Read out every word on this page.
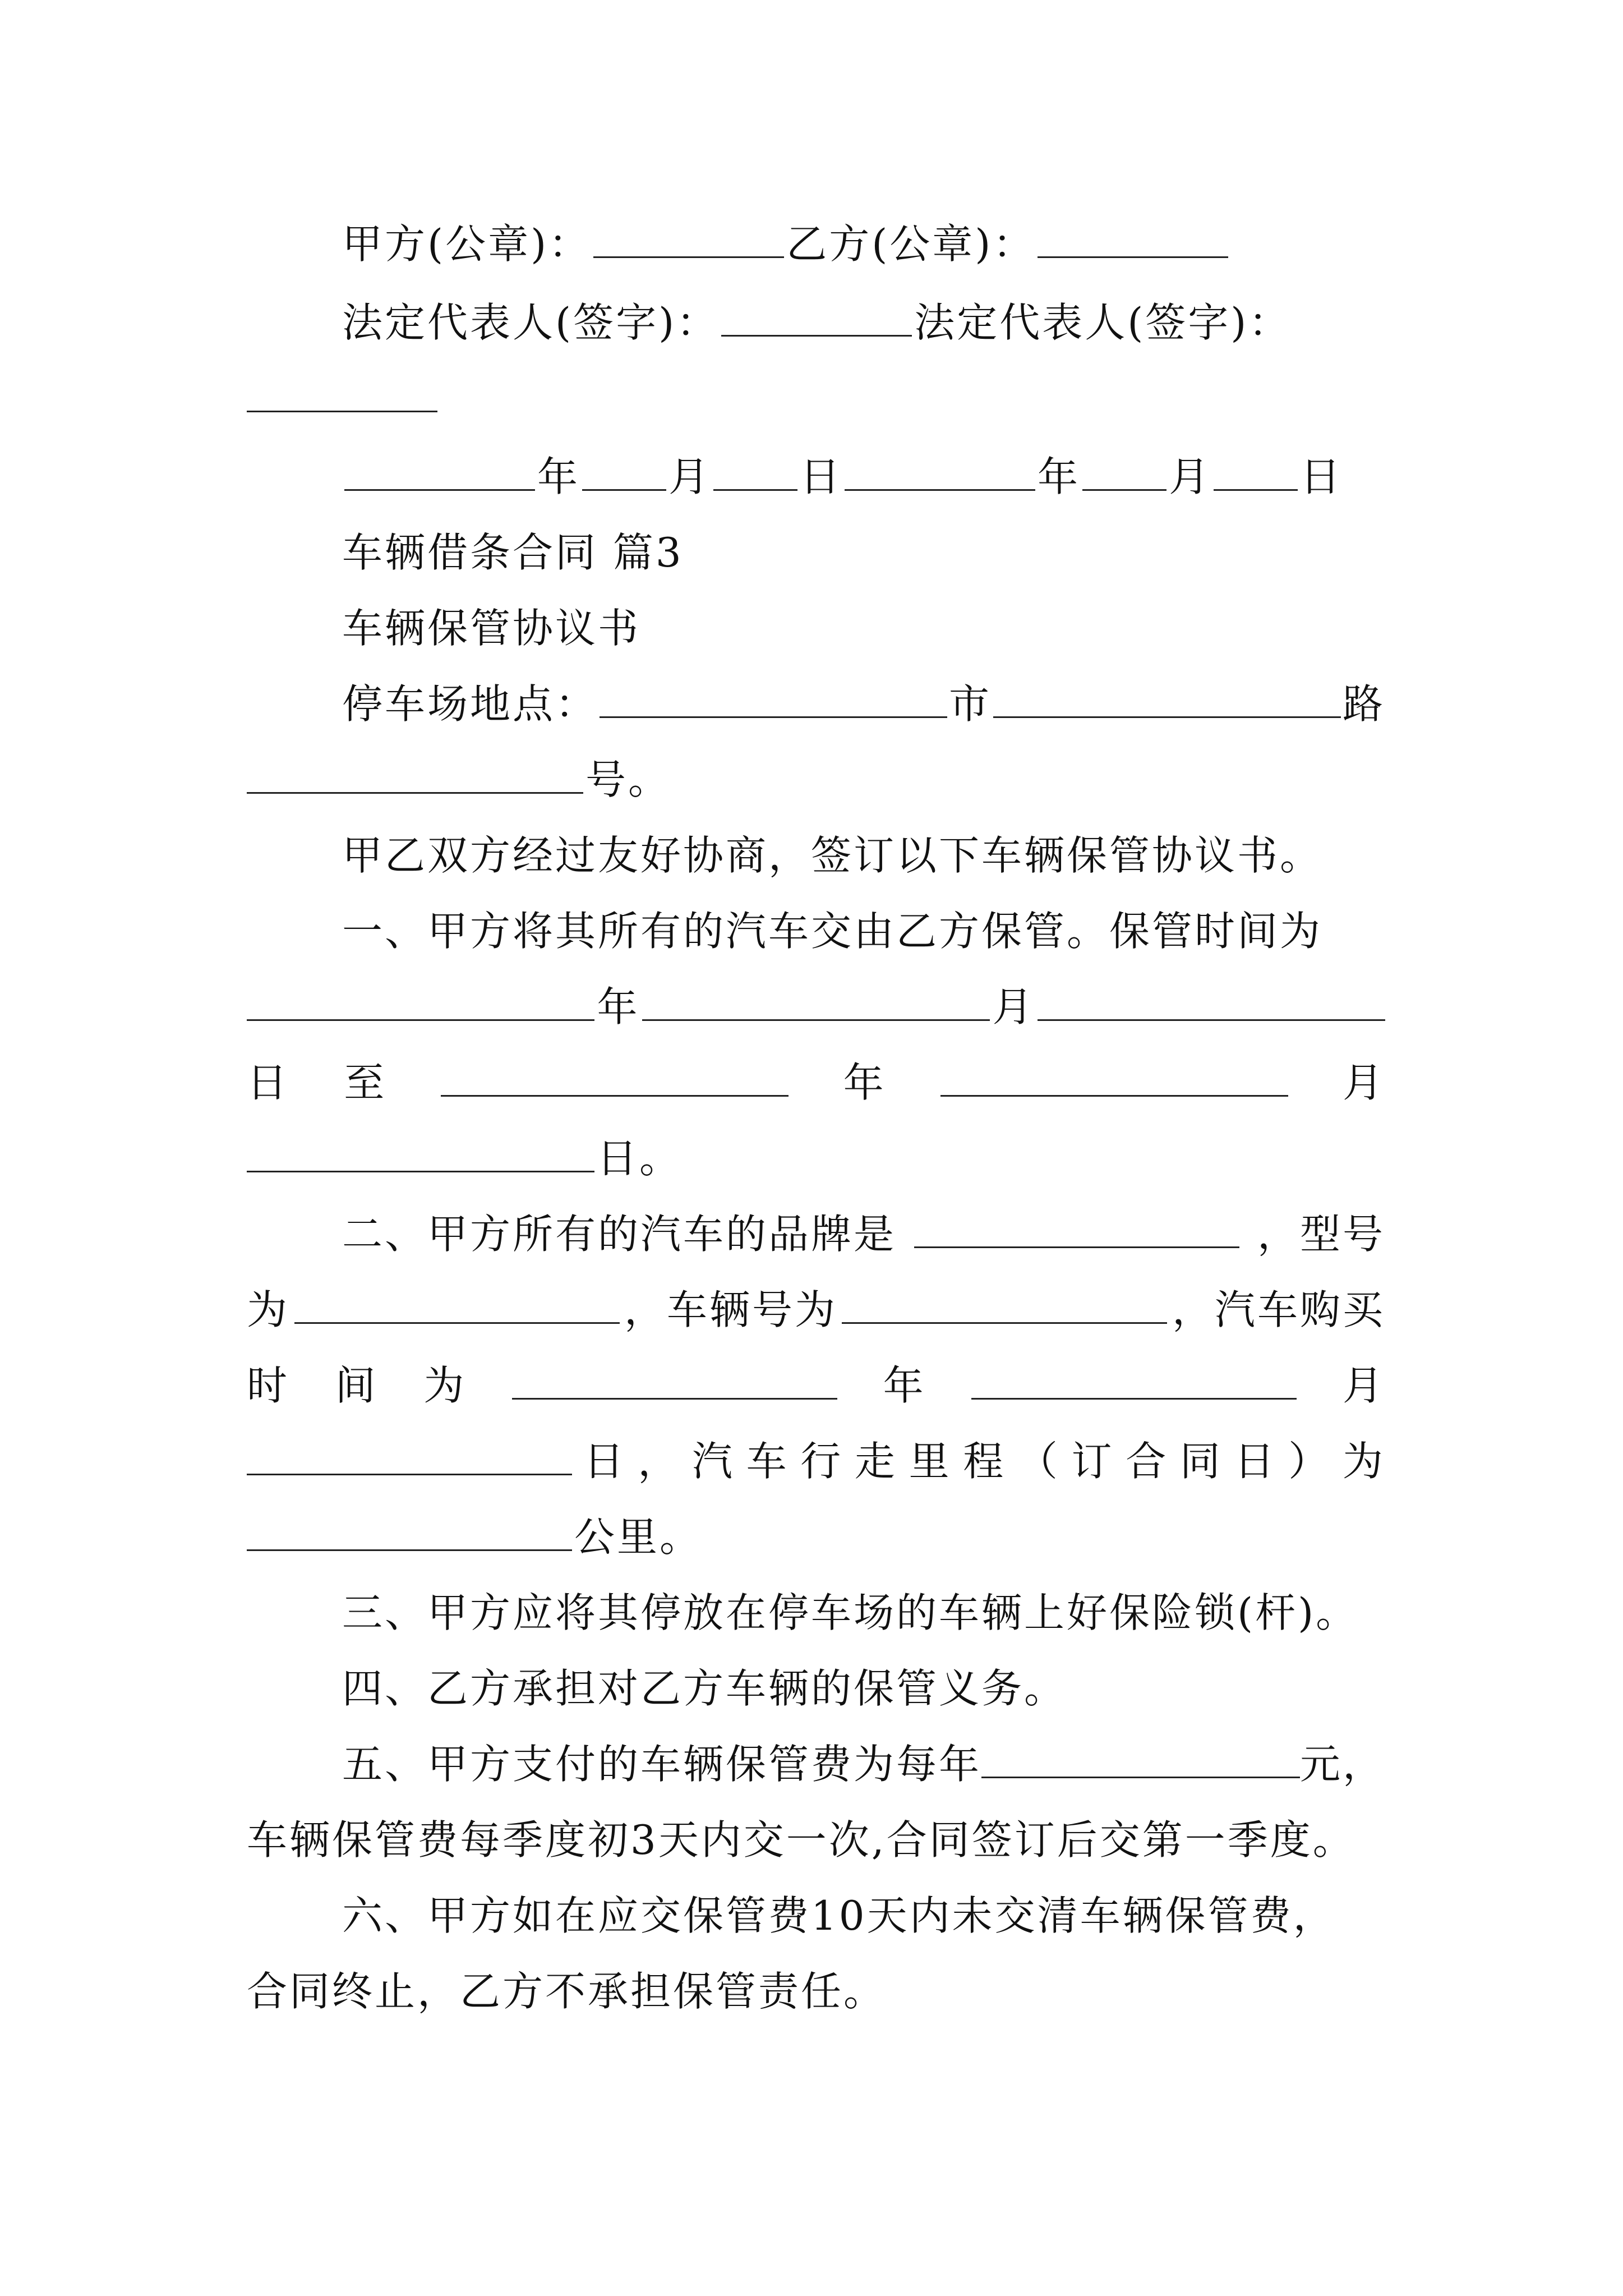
甲方(公章)：	乙方(公章)：
法定代表人(签字)：	法定代表人(签字)：
年 月 日	年 月 日
车辆借条合同 篇3
车辆保管协议书
停车场地点：	市	路
号。
甲乙双方经过友好协商，签订以下车辆保管协议书。
一、甲方将其所有的汽车交由乙方保管。保管时间为
年	月
日 至	年	月
日。
二、甲方所有的汽车的品牌是	，型号
为	，车辆号为	，汽车购买
时 间 为	年	月
日 ， 汽 车 行 走 里 程 （ 订 合 同 日 ） 为
公里。
三、甲方应将其停放在停车场的车辆上好保险锁(杆)。
四、乙方承担对乙方车辆的保管义务。
五、甲方支付的车辆保管费为每年	元，
车辆保管费每季度初3天内交一次,合同签订后交第一季度。
六、甲方如在应交保管费10天内未交清车辆保管费，
合同终止，乙方不承担保管责任。
